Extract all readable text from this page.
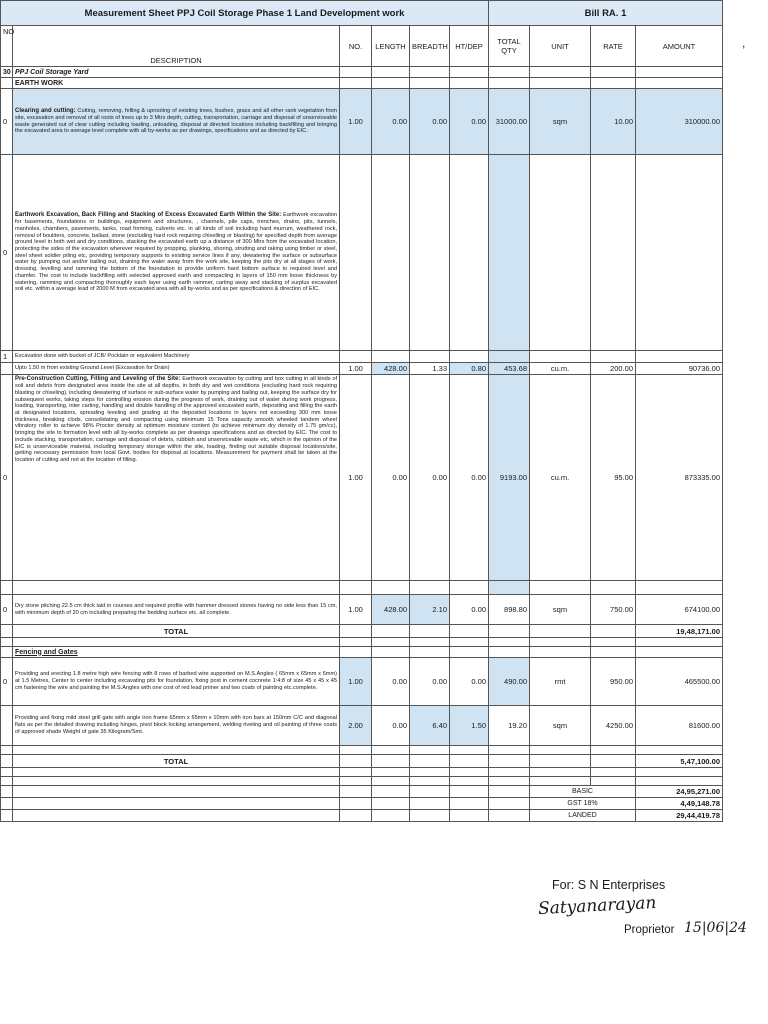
Measurement Sheet PPJ Coil Storage Phase 1 Land Development work						Bill RA. 1			
NO	DESCRIPTION	NO.	LENGTH	BREADTH	HT/DEP	TOTAL QTY	UNIT	RATE	AMOUNT
30	PPJ Coil Storage Yard								
	EARTH WORK								
0	Clearing and cutting: Cutting, removing, felling & uprooting of existing trees, bushes, grass and all other rank vegetation from site, excavation and removal of all roots of trees up to 3 Mtrs depth, cutting, transportation, carriage and disposal of unserviceable waste generated out of clear cutting including loading, unloading, disposal at directed locations including backfilling and bringing the excavated area to average level complete with all by-works as per drawings, specifications and as directed by EIC.	1.00	0.00	0.00	0.00	31000.00	sqm	10.00	310000.00
0	Earthwork Excavation, Back Filling and Stacking of Excess Excavated Earth Within the Site: Earthwork excavation for basements, foundations or buildings, equipment and structures, , channels, pile caps, trenches, drains, pits, tunnels, manholes, chambers, pavements, tanks, road forming, culverts etc. in all kinds of soil including hard murrum, weathered rock, removal of boulders, concrete, ballast, stone (excluding hard rock requiring chiselling or blasting) for specified depth from average ground level in both wet and dry conditions, stacking the excavated earth up a distance of 300 Mtrs from the excavated location, protecting the sides of the excavation wherever required by propping, planking, shoring, strutting and raking using timber or steel, steel sheet soldier piling etc, providing temporary supports to existing service lines if any, dewatering the surface or subsurface water by pumping out and/or bailing out, draining the water away from the work site, keeping the pits dry at all stages of work, dressing, levelling and ramming the bottom of the foundation to provide uniform hard bottom surface to required level and chamfer. The cost to include backfilling with selected approved earth and compacting in layers of 150 mm loose thickness by watering, ramming and compacting thoroughly each layer using earth rammer, carting away and stacking of surplus excavated soil etc. within a average lead of 2000 M from excavated area with all by-works and as per specifications & direction of EIC.								
1	Excavation done with bucket of JCB/ Pocklain or equivalent Machinery								
	Upto 1.50 m from existing Ground Level (Excavation for Drain)	1.00	428.00	1.33	0.80	453.68	cu.m.	200.00	90736.00
0	Pre-Construction Cutting, Filling and Leveling of the Site: Earthwork excavation by cutting and box cutting in all kinds of soil and debris from designated area inside the site at all depths, in both dry and wet conditions (excluding hard rock requiring blasting or chiseling), including dewatering of surface or sub-surface water by pumping and bailing out, keeping the surface dry for subsequent works, taking steps for controlling erosion during the progress of work, draining out of water during work progress, loading, transporting, inter carting, handling and double handling of the approved excavated earth, depositing and filling the earth at designated locations, spreading leveling and grading at the deposited locations in layers not exceeding 300 mm loose thickness, breaking clods, consolidating and compacting using minimum 15 Tons capacity smooth wheeled tandem wheel vibratory roller to achieve 98% Proctor density at optimum moisture content (to achieve minimum dry density of 1.75 gm/cc), bringing the site to formation level with all by-works complete as per drawings specifications and as directed by EIC. The cost to include stacking, transportation, carriage and disposal of debris, rubbish and unserviceable waste etc, which in the opinion of the EIC is unserviceable material, including temporary storage within the site, loading, finding out suitable disposal locations/site, getting necessary permission from local Govt. bodies for disposal at locations. Measurement for payment shall be taken at the location of cutting and not at the location of filling.	1.00	0.00	0.00	0.00	9193.00	cu.m.	95.00	873335.00

0	Dry stone pitching 22.5 cm thick laid in courses and required profile with hammer dressed stones having no side less than 15 cm, with minimum depth of 20 cm including preparing the bedding surface etc. all complete.	1.00	428.00	2.10	0.00	898.80	sqm	750.00	674100.00
	TOTAL								19,48,171.00

	Fencing and Gates								
0	Providing and erecting 1.8 metre high wire fencing with 8 rows of barbed wire supported on M.S.Angles ( 65mm x 65mm x 6mm) at 1.5 Metres, Center to center including excavating pits for foundation, fixing post in cement cocnrete 1:4:8 of size 45 x 45 x 45 cm fastening the wire and painting the M.S.Angles with one cost of red lead primer and two coats of painting etc.complete.	1.00	0.00	0.00	0.00	490.00	rmt	950.00	465500.00
	Providing and fixing mild steel grill gate with angle iron frame 65mm x 65mm x 10mm with iron bars at 150mm C/C and diagonal flats as per the detailed drawing including hinges, pivot block locking arrangement, welding riveting and oil painting of three coats of approved shade Weight of gate 35 Kilogram/Smt.	2.00	0.00	6.40	1.50	19.20	sqm	4250.00	81600.00

	TOTAL								5,47,100.00

							BASIC		24,95,271.00
							GST 18%		4,49,148.78
							LANDED		29,44,419.78
,
For: S N Enterprises
Satyanarayan
Proprietor 15|06|24
